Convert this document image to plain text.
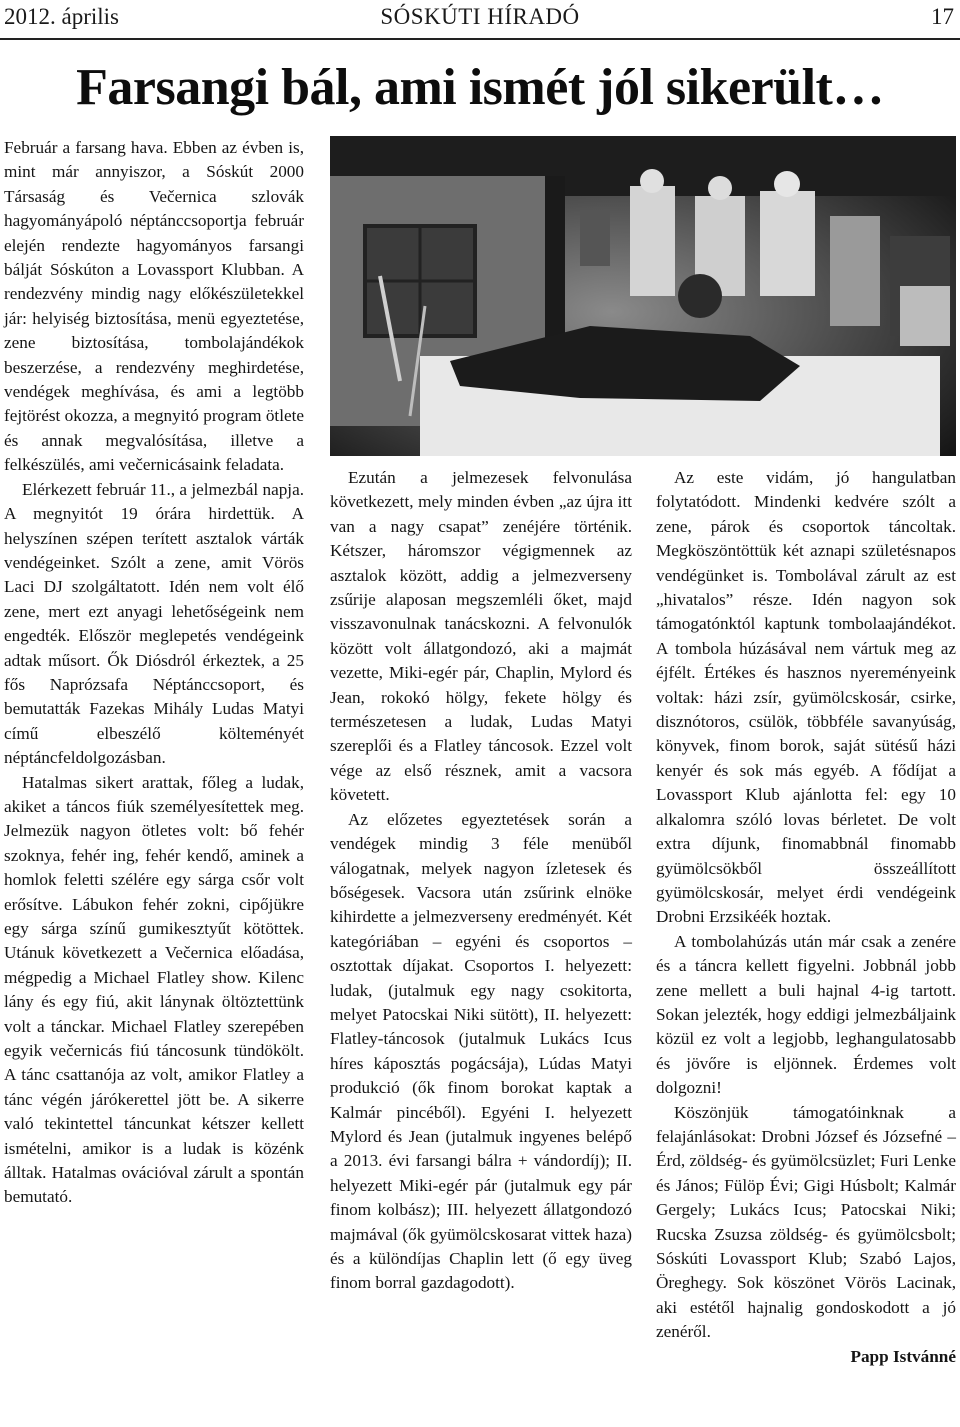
2012. április	SÓSKÚTI HÍRADÓ	17
Farsangi bál, ami ismét jól sikerült…

Február a farsang hava. Ebben az évben is, mint már annyiszor, a Sóskút 2000 Társaság és Večernica szlovák hagyományápoló néptánccsoportja február elején rendezte hagyományos farsangi bálját Sóskúton a Lovassport Klubban. A rendezvény mindig nagy előkészületekkel jár: helyiség biztosítása, menü egyeztetése, zene biztosítása, tombolajándékok beszerzése, a rendezvény meghirdetése, vendégek meghívása, és ami a legtöbb fejtörést okozza, a megnyitó program ötlete és annak megvalósítása, illetve a felkészülés, ami večernicásaink feladata.

Elérkezett február 11., a jelmezbál napja. A megnyitót 19 órára hirdettük. A helyszínen szépen terített asztalok várták vendégeinket. Szólt a zene, amit Vörös Laci DJ szolgáltatott. Idén nem volt élő zene, mert ezt anyagi lehetőségeink nem engedték. Először meglepetés vendégeink adtak műsort. Ők Diósdról érkeztek, a 25 fős Naprózsafa Néptánccsoport, és bemutatták Fazekas Mihály Ludas Matyi című elbeszélő költeményét néptáncfeldolgozásban.

Hatalmas sikert arattak, főleg a ludak, akiket a táncos fiúk személyesítettek meg. Jelmezük nagyon ötletes volt: bő fehér szoknya, fehér ing, fehér kendő, aminek a homlok feletti szélére egy sárga csőr volt erősítve. Lábukon fehér zokni, cipőjükre egy sárga színű gumikesztyűt kötöttek. Utánuk következett a Večernica előadása, mégpedig a Michael Flatley show. Kilenc lány és egy fiú, akit lánynak öltöztettünk volt a tánckar. Michael Flatley szerepében egyik večernicás fiú táncosunk tündökölt. A tánc csattanója az volt, amikor Flatley a tánc végén járókerettel jött be. A sikerre való tekintettel táncunkat kétszer kellett ismételni, amikor is a ludak is közénk álltak. Hatalmas ovációval zárult a spontán bemutató.

Ezután a jelmezesek felvonulása következett, mely minden évben „az újra itt van a nagy csapat” zenéjére történik. Kétszer, háromszor végigmennek az asztalok között, addig a jelmezverseny zsűrije alaposan megszemléli őket, majd visszavonulnak tanácskozni. A felvonulók között volt állatgondozó, aki a majmát vezette, Miki-egér pár, Chaplin, Mylord és Jean, rokokó hölgy, fekete hölgy és természetesen a ludak, Ludas Matyi szereplői és a Flatley táncosok. Ezzel volt vége az első résznek, amit a vacsora követett.

Az előzetes egyeztetések során a vendégek mindig 3 féle menüből válogatnak, melyek nagyon ízletesek és bőségesek. Vacsora után zsűrink elnöke kihirdette a jelmezverseny eredményét. Két kategóriában – egyéni és csoportos – osztottak díjakat. Csoportos I. helyezett: ludak, (jutalmuk egy nagy csokitorta, melyet Patocskai Niki sütött), II. helyezett: Flatley-táncosok (jutalmuk Lukács Icus híres káposztás pogácsája), Lúdas Matyi produkció (ők finom borokat kaptak a Kalmár pincéből). Egyéni I. helyezett Mylord és Jean (jutalmuk ingyenes belépő a 2013. évi farsangi bálra + vándordíj); II. helyezett Miki-egér pár (jutalmuk egy pár finom kolbász); III. helyezett állatgondozó majmával (ők gyümölcskosarat vittek haza) és a különdíjas Chaplin lett (ő egy üveg finom borral gazdagodott).

Az este vidám, jó hangulatban folytatódott. Mindenki kedvére szólt a zene, párok és csoportok táncoltak. Megköszöntöttük két aznapi születésnapos vendégünket is. Tombolával zárult az est „hivatalos” része. Idén nagyon sok támogatónktól kaptunk tombolaajándékot. A tombola húzásával nem vártuk meg az éjfélt. Értékes és hasznos nyereményeink voltak: házi zsír, gyümölcskosár, csirke, disznótoros, csülök, többféle savanyúság, könyvek, finom borok, saját sütésű házi kenyér és sok más egyéb. A fődíjat a Lovassport Klub ajánlotta fel: egy 10 alkalomra szóló lovas bérletet. De volt extra díjunk, finomabbnál finomabb gyümölcsökből összeállított gyümölcskosár, melyet érdi vendégeink Drobni Erzsikéék hoztak.

A tombolahúzás után már csak a zenére és a táncra kellett figyelni. Jobbnál jobb zene mellett a buli hajnal 4-ig tartott. Sokan jelezték, hogy eddigi jelmezbáljaink közül ez volt a legjobb, leghangulatosabb és jövőre is eljönnek. Érdemes volt dolgozni!

Köszönjük támogatóinknak a felajánlásokat: Drobni József és Józsefné – Érd, zöldség- és gyümölcsüzlet; Furi Lenke és János; Fülöp Évi; Gigi Húsbolt; Kalmár Gergely; Lukács Icus; Patocskai Niki; Rucska Zsuzsa zöldség- és gyümölcsbolt; Sóskúti Lovassport Klub; Szabó Lajos, Öreghegy. Sok köszönet Vörös Lacinak, aki estétől hajnalig gondoskodott a jó zenéről.

Papp Istvánné
